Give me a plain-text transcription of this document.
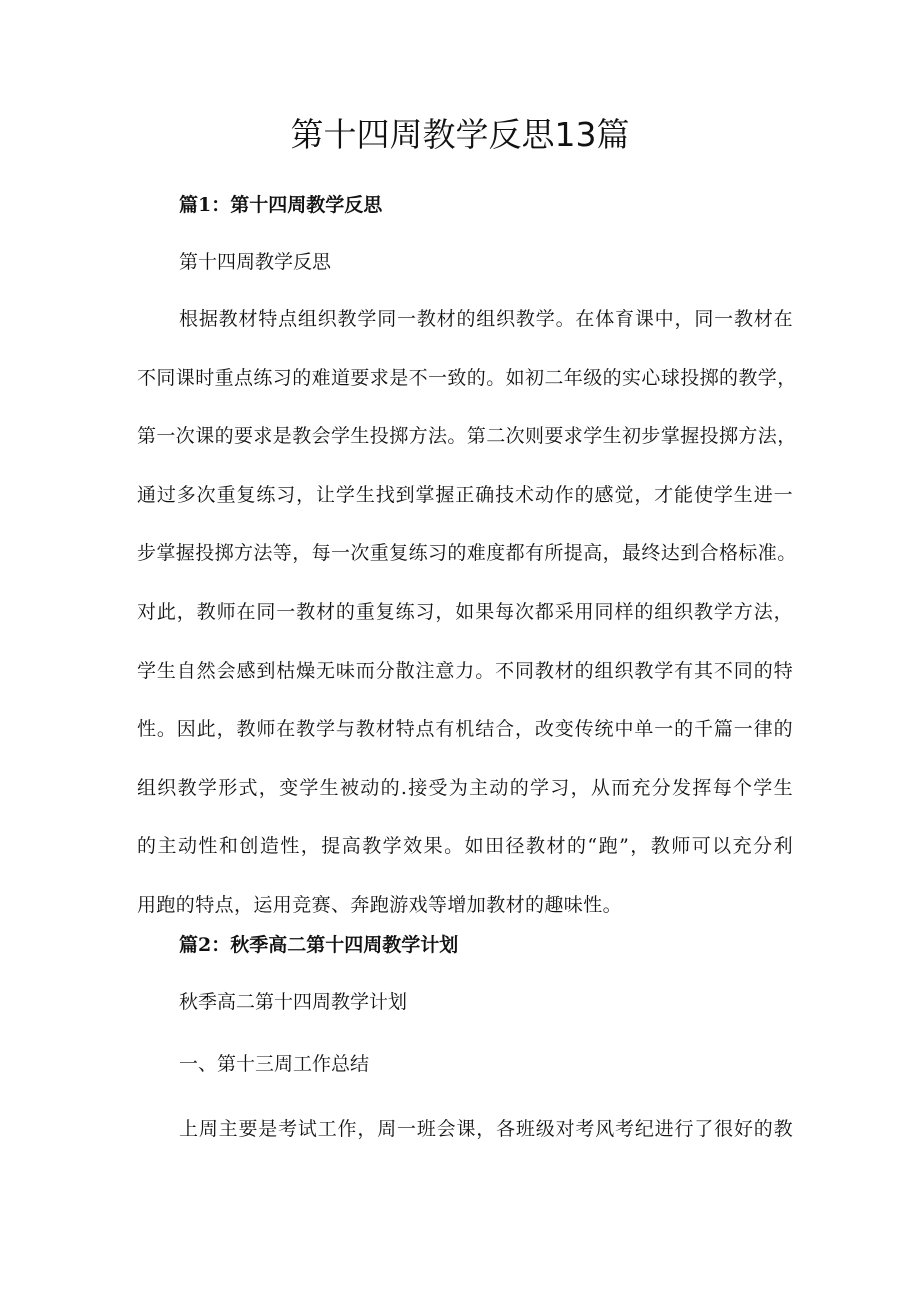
第十四周教学反思13篇

篇1：第十四周教学反思

第十四周教学反思

根据教材特点组织教学同一教材的组织教学。在体育课中，同一教材在
不同课时重点练习的难道要求是不一致的。如初二年级的实心球投掷的教学，
第一次课的要求是教会学生投掷方法。第二次则要求学生初步掌握投掷方法，
通过多次重复练习，让学生找到掌握正确技术动作的感觉，才能使学生进一
步掌握投掷方法等，每一次重复练习的难度都有所提高，最终达到合格标准。
对此，教师在同一教材的重复练习，如果每次都采用同样的组织教学方法，
学生自然会感到枯燥无味而分散注意力。不同教材的组织教学有其不同的特
性。因此，教师在教学与教材特点有机结合，改变传统中单一的千篇一律的
组织教学形式，变学生被动的.接受为主动的学习，从而充分发挥每个学生
的主动性和创造性，提高教学效果。如田径教材的“跑”，教师可以充分利
用跑的特点，运用竞赛、奔跑游戏等增加教材的趣味性。

篇2：秋季高二第十四周教学计划

秋季高二第十四周教学计划

一、第十三周工作总结

上周主要是考试工作，周一班会课，各班级对考风考纪进行了很好的教
